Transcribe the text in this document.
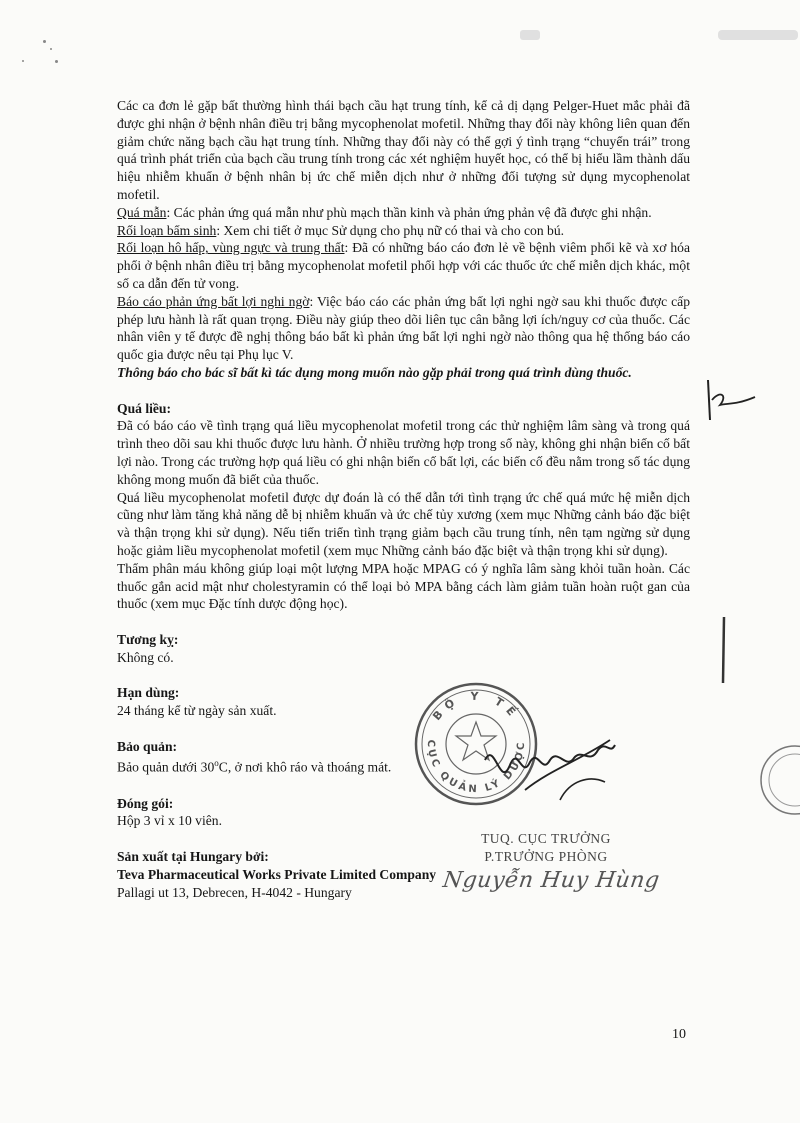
Các ca đơn lẻ gặp bất thường hình thái bạch cầu hạt trung tính, kể cả dị dạng Pelger-Huet mắc phải đã được ghi nhận ở bệnh nhân điều trị bằng mycophenolat mofetil. Những thay đổi này không liên quan đến giảm chức năng bạch cầu hạt trung tính. Những thay đổi này có thể gợi ý tình trạng “chuyển trái” trong quá trình phát triển của bạch cầu trung tính trong các xét nghiệm huyết học, có thể bị hiểu lầm thành dấu hiệu nhiễm khuẩn ở bệnh nhân bị ức chế miễn dịch như ở những đối tượng sử dụng mycophenolat mofetil.

Quá mẫn: Các phản ứng quá mẫn như phù mạch thần kinh và phản ứng phản vệ đã được ghi nhận.

Rối loạn bẩm sinh: Xem chi tiết ở mục Sử dụng cho phụ nữ có thai và cho con bú.

Rối loạn hô hấp, vùng ngực và trung thất: Đã có những báo cáo đơn lẻ về bệnh viêm phổi kẽ và xơ hóa phổi ở bệnh nhân điều trị bằng mycophenolat mofetil phối hợp với các thuốc ức chế miễn dịch khác, một số ca dẫn đến tử vong.

Báo cáo phản ứng bất lợi nghi ngờ: Việc báo cáo các phản ứng bất lợi nghi ngờ sau khi thuốc được cấp phép lưu hành là rất quan trọng. Điều này giúp theo dõi liên tục cân bằng lợi ích/nguy cơ của thuốc. Các nhân viên y tế được đề nghị thông báo bất kì phản ứng bất lợi nghi ngờ nào thông qua hệ thống báo cáo quốc gia được nêu tại Phụ lục V.

Thông báo cho bác sĩ bất kì tác dụng mong muốn nào gặp phải trong quá trình dùng thuốc.

Quá liều:

Đã có báo cáo về tình trạng quá liều mycophenolat mofetil trong các thử nghiệm lâm sàng và trong quá trình theo dõi sau khi thuốc được lưu hành. Ở nhiều trường hợp trong số này, không ghi nhận biến cố bất lợi nào. Trong các trường hợp quá liều có ghi nhận biến cố bất lợi, các biến cố đều nằm trong số tác dụng không mong muốn đã biết của thuốc.

Quá liều mycophenolat mofetil được dự đoán là có thể dẫn tới tình trạng ức chế quá mức hệ miễn dịch cũng như làm tăng khả năng dễ bị nhiễm khuẩn và ức chế tủy xương (xem mục Những cảnh báo đặc biệt và thận trọng khi sử dụng). Nếu tiến triển tình trạng giảm bạch cầu trung tính, nên tạm ngừng sử dụng hoặc giảm liều mycophenolat mofetil (xem mục Những cảnh báo đặc biệt và thận trọng khi sử dụng).

Thẩm phân máu không giúp loại một lượng MPA hoặc MPAG có ý nghĩa lâm sàng khỏi tuần hoàn. Các thuốc gắn acid mật như cholestyramin có thể loại bỏ MPA bằng cách làm giảm tuần hoàn ruột gan của thuốc (xem mục Đặc tính dược động học).

Tương kỵ:

Không có.

Hạn dùng:

24 tháng kể từ ngày sản xuất.

Bảo quản:

Bảo quản dưới 30$^o$C, ở nơi khô ráo và thoáng mát.

Đóng gói:

Hộp 3 vỉ x 10 viên.

Sản xuất tại Hungary bởi:

Teva Pharmaceutical Works Private Limited Company

Pallagi ut 13, Debrecen, H-4042 - Hungary

BỘ Y TẾ
CỤC QUẢN LÝ DƯỢC
TUQ. CỤC TRƯỞNG
P.TRƯỞNG PHÒNG
Nguyễn Huy Hùng
10
